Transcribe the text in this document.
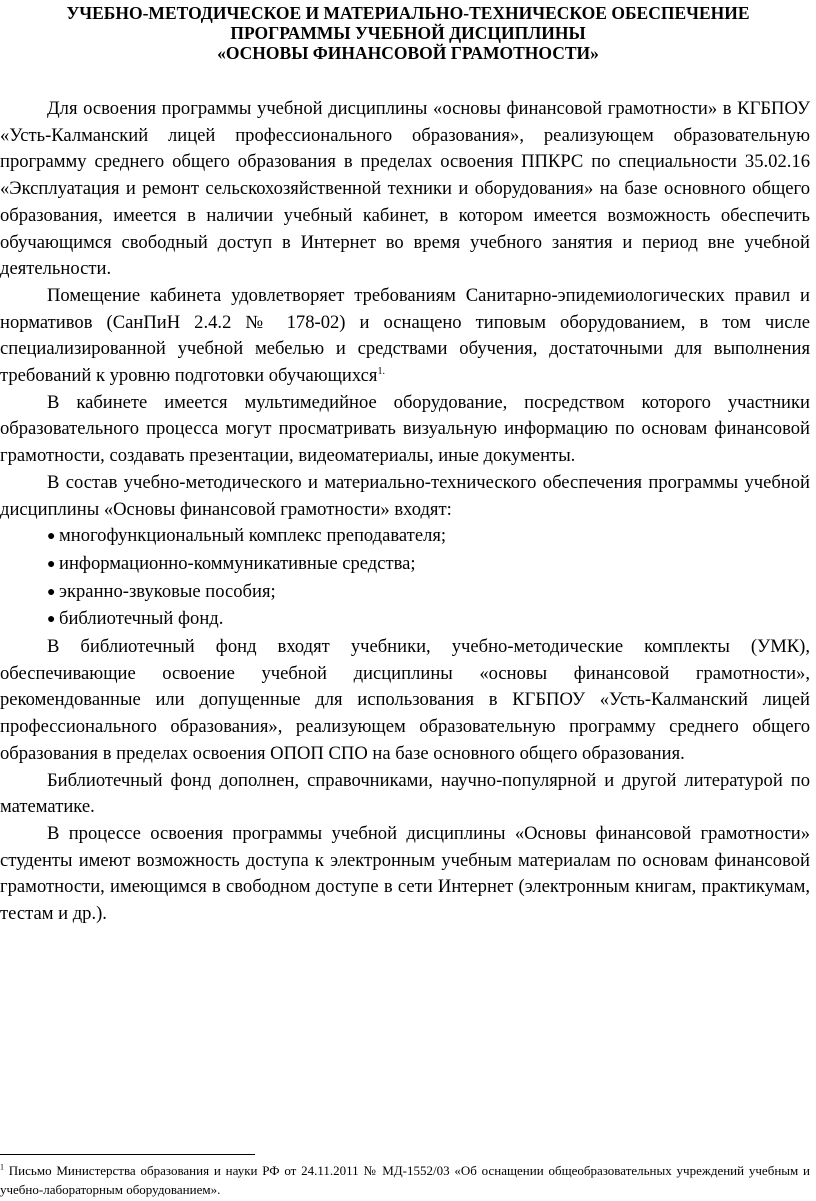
УЧЕБНО-МЕТОДИЧЕСКОЕ И МАТЕРИАЛЬНО-ТЕХНИЧЕСКОЕ ОБЕСПЕЧЕНИЕ
ПРОГРАММЫ УЧЕБНОЙ ДИСЦИПЛИНЫ
«ОСНОВЫ ФИНАНСОВОЙ ГРАМОТНОСТИ»

Для освоения программы учебной дисциплины «основы финансовой грамотности» в КГБПОУ «Усть-Калманский лицей профессионального образования», реализующем образовательную программу среднего общего образования в пределах освоения ППКРС по специальности 35.02.16 «Эксплуатация и ремонт сельскохозяйственной техники и оборудования» на базе основного общего образования, имеется в наличии учебный кабинет, в котором имеется возможность обеспечить обучающимся свободный доступ в Интернет во время учебного занятия и период вне учебной деятельности.

Помещение кабинета удовлетворяет требованиям Санитарно-эпидемиологических правил и нормативов (СанПиН 2.4.2 № 178-02) и оснащено типовым оборудованием, в том числе специализированной учебной мебелью и средствами обучения, достаточными для выполнения требований к уровню подготовки обучающихся$^{1.}$

В кабинете имеется мультимедийное оборудование, посредством которого участники образовательного процесса могут просматривать визуальную информацию по основам финансовой грамотности, создавать презентации, видеоматериалы, иные документы.

В состав учебно-методического и материально-технического обеспечения программы учебной дисциплины «Основы финансовой грамотности» входят:

● многофункциональный комплекс преподавателя;
● информационно-коммуникативные средства;
● экранно-звуковые пособия;
● библиотечный фонд.

В библиотечный фонд входят учебники, учебно-методические комплекты (УМК), обеспечивающие освоение учебной дисциплины «основы финансовой грамотности», рекомендованные или допущенные для использования в КГБПОУ «Усть-Калманский лицей профессионального образования», реализующем образовательную программу среднего общего образования в пределах освоения ОПОП СПО на базе основного общего образования.

Библиотечный фонд дополнен, справочниками, научно-популярной и другой литературой по математике.

В процессе освоения программы учебной дисциплины «Основы финансовой грамотности» студенты имеют возможность доступа к электронным учебным материалам по основам финансовой грамотности, имеющимся в свободном доступе в сети Интернет (электронным книгам, практикумам, тестам и др.).

$^1$ Письмо Министерства образования и науки РФ от 24.11.2011 № МД-1552/03 «Об оснащении общеобразовательных учреждений учебным и учебно-лабораторным оборудованием».
